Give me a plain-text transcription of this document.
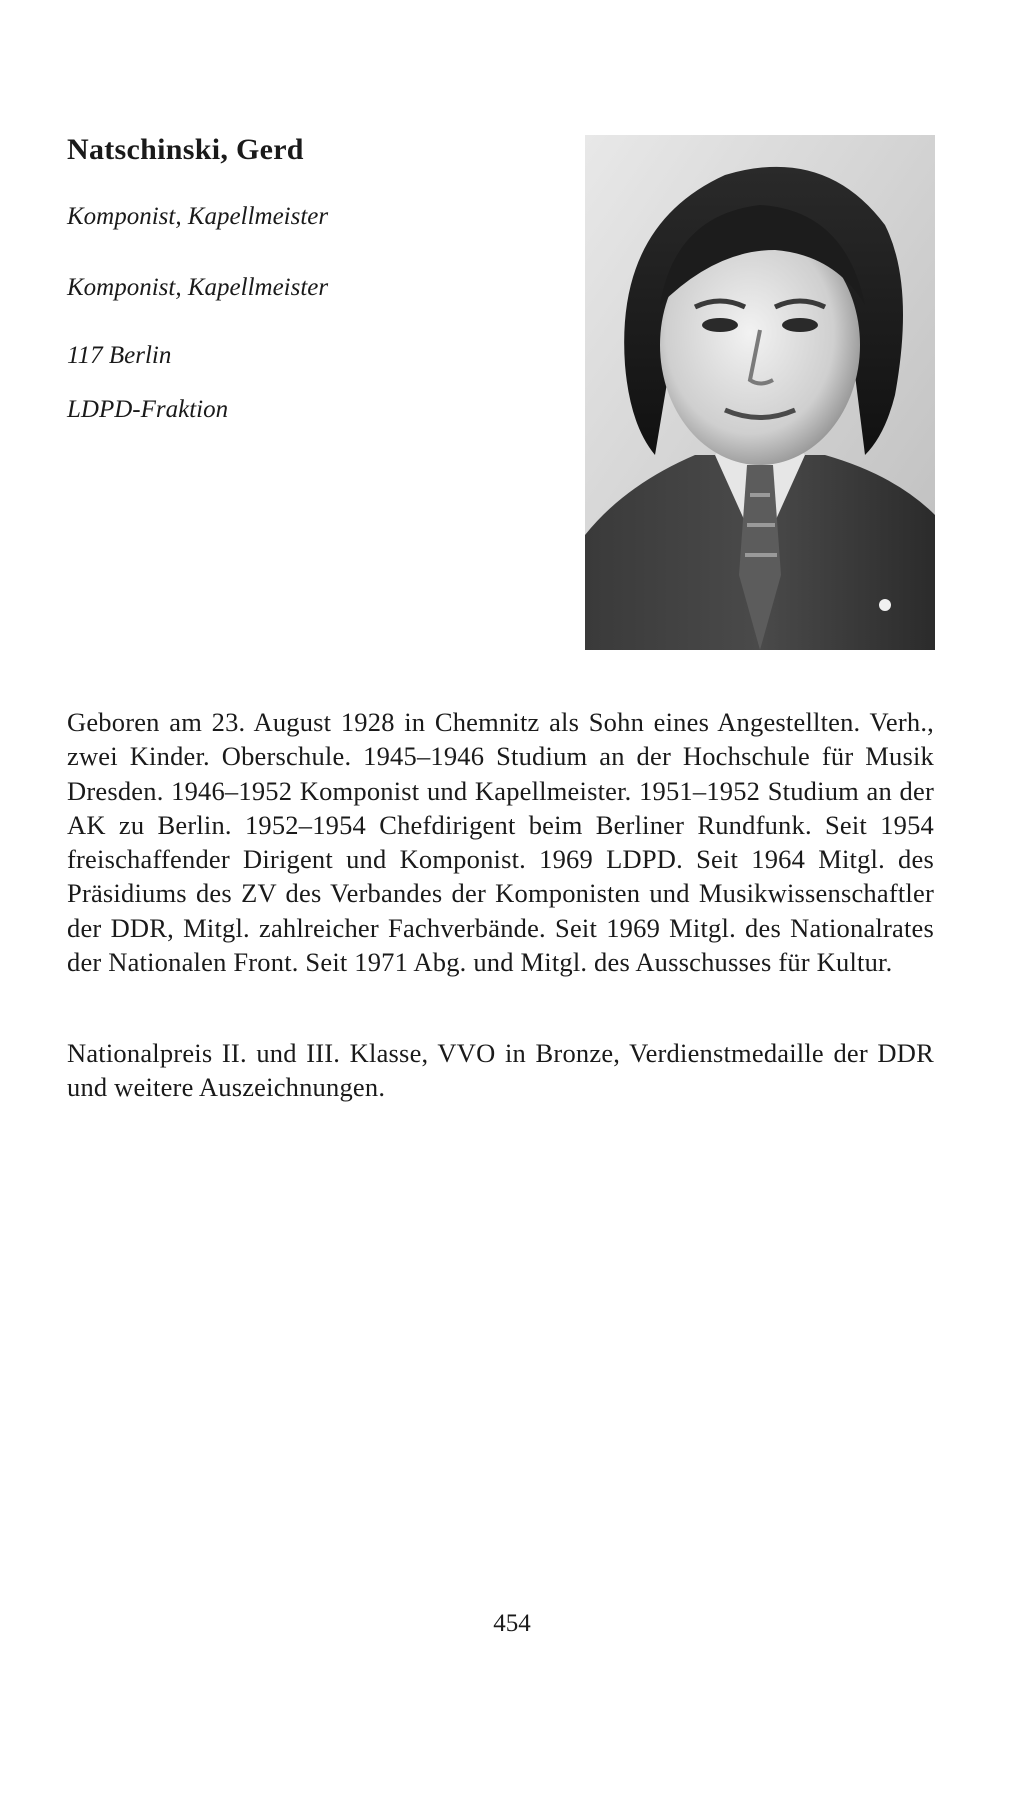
Natschinski, Gerd

Komponist, Kapellmeister

Komponist, Kapellmeister

117 Berlin

LDPD-Fraktion

Geboren am 23. August 1928 in Chemnitz als Sohn eines Angestellten. Verh., zwei Kinder. Oberschule. 1945–1946 Studium an der Hochschule für Musik Dresden. 1946–1952 Komponist und Kapellmeister. 1951–1952 Studium an der AK zu Berlin. 1952–1954 Chefdirigent beim Berliner Rundfunk. Seit 1954 freischaffender Dirigent und Komponist. 1969 LDPD. Seit 1964 Mitgl. des Präsidiums des ZV des Verbandes der Komponisten und Musikwissenschaftler der DDR, Mitgl. zahlreicher Fachverbände. Seit 1969 Mitgl. des Nationalrates der Nationalen Front. Seit 1971 Abg. und Mitgl. des Ausschusses für Kultur.

Nationalpreis II. und III. Klasse, VVO in Bronze, Verdienstmedaille der DDR und weitere Auszeichnungen.

454
